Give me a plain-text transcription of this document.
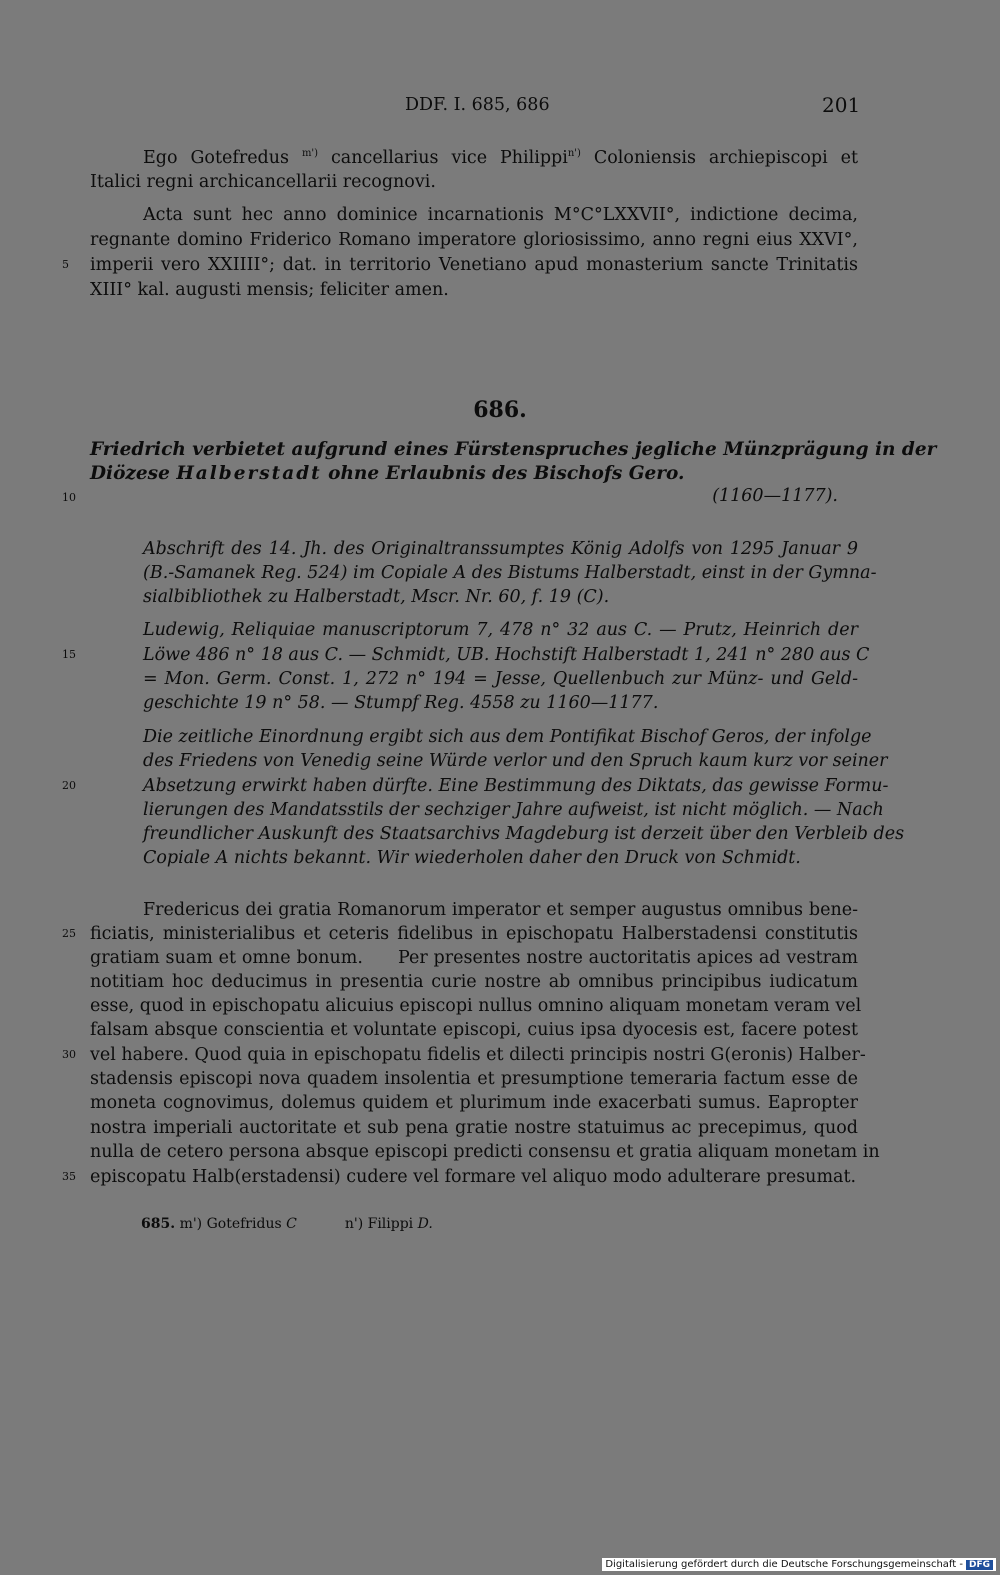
DDF. I. 685, 686	201
Ego Gotefredus $^{m')}$ cancellarius vice Philippi$^{n')}$ Coloniensis archiepiscopi et
Italici regni archicancellarii recognovi.
Acta sunt hec anno dominice incarnationis M°C°LXXVII°, indictione decima,
regnante domino Friderico Romano imperatore gloriosissimo, anno regni eius XXVI°,
5	imperii vero XXIIII°; dat. in territorio Venetiano apud monasterium sancte Trinitatis
XIII° kal. augusti mensis; feliciter amen.
686.
Friedrich verbietet aufgrund eines Fürstenspruches jegliche Münzprägung in der
Diözese Halberstadt ohne Erlaubnis des Bischofs Gero.
10	(1160—1177).
Abschrift des 14. Jh. des Originaltranssumptes König Adolfs von 1295 Januar 9
(B.-Samanek Reg. 524) im Copiale A des Bistums Halberstadt, einst in der Gymna-
sialbibliothek zu Halberstadt, Mscr. Nr. 60, f. 19 (C).
Ludewig, Reliquiae manuscriptorum 7, 478 n° 32 aus C. — Prutz, Heinrich der
15	Löwe 486 n° 18 aus C. — Schmidt, UB. Hochstift Halberstadt 1, 241 n° 280 aus C
= Mon. Germ. Const. 1, 272 n° 194 = Jesse, Quellenbuch zur Münz- und Geld-
geschichte 19 n° 58. — Stumpf Reg. 4558 zu 1160—1177.
Die zeitliche Einordnung ergibt sich aus dem Pontifikat Bischof Geros, der infolge
des Friedens von Venedig seine Würde verlor und den Spruch kaum kurz vor seiner
20	Absetzung erwirkt haben dürfte. Eine Bestimmung des Diktats, das gewisse Formu-
lierungen des Mandatsstils der sechziger Jahre aufweist, ist nicht möglich. — Nach
freundlicher Auskunft des Staatsarchivs Magdeburg ist derzeit über den Verbleib des
Copiale A nichts bekannt. Wir wiederholen daher den Druck von Schmidt.
Fredericus dei gratia Romanorum imperator et semper augustus omnibus bene-
25 ficiatis, ministerialibus et ceteris fidelibus in epischopatu Halberstadensi constitutis
gratiam suam et omne bonum.      Per presentes nostre auctoritatis apices ad vestram
notitiam hoc deducimus in presentia curie nostre ab omnibus principibus iudicatum
esse, quod in epischopatu alicuius episcopi nullus omnino aliquam monetam veram vel
falsam absque conscientia et voluntate episcopi, cuius ipsa dyocesis est, facere potest
30 vel habere. Quod quia in epischopatu fidelis et dilecti principis nostri G(eronis) Halber-
stadensis episcopi nova quadem insolentia et presumptione temeraria factum esse de
moneta cognovimus, dolemus quidem et plurimum inde exacerbati sumus. Eapropter
nostra imperiali auctoritate et sub pena gratie nostre statuimus ac precepimus, quod
nulla de cetero persona absque episcopi predicti consensu et gratia aliquam monetam in
35 episcopatu Halb(erstadensi) cudere vel formare vel aliquo modo adulterare presumat.
685. m') Gotefridus C	n') Filippi D.
Digitalisierung gefördert durch die Deutsche Forschungsgemeinschaft - DFG
